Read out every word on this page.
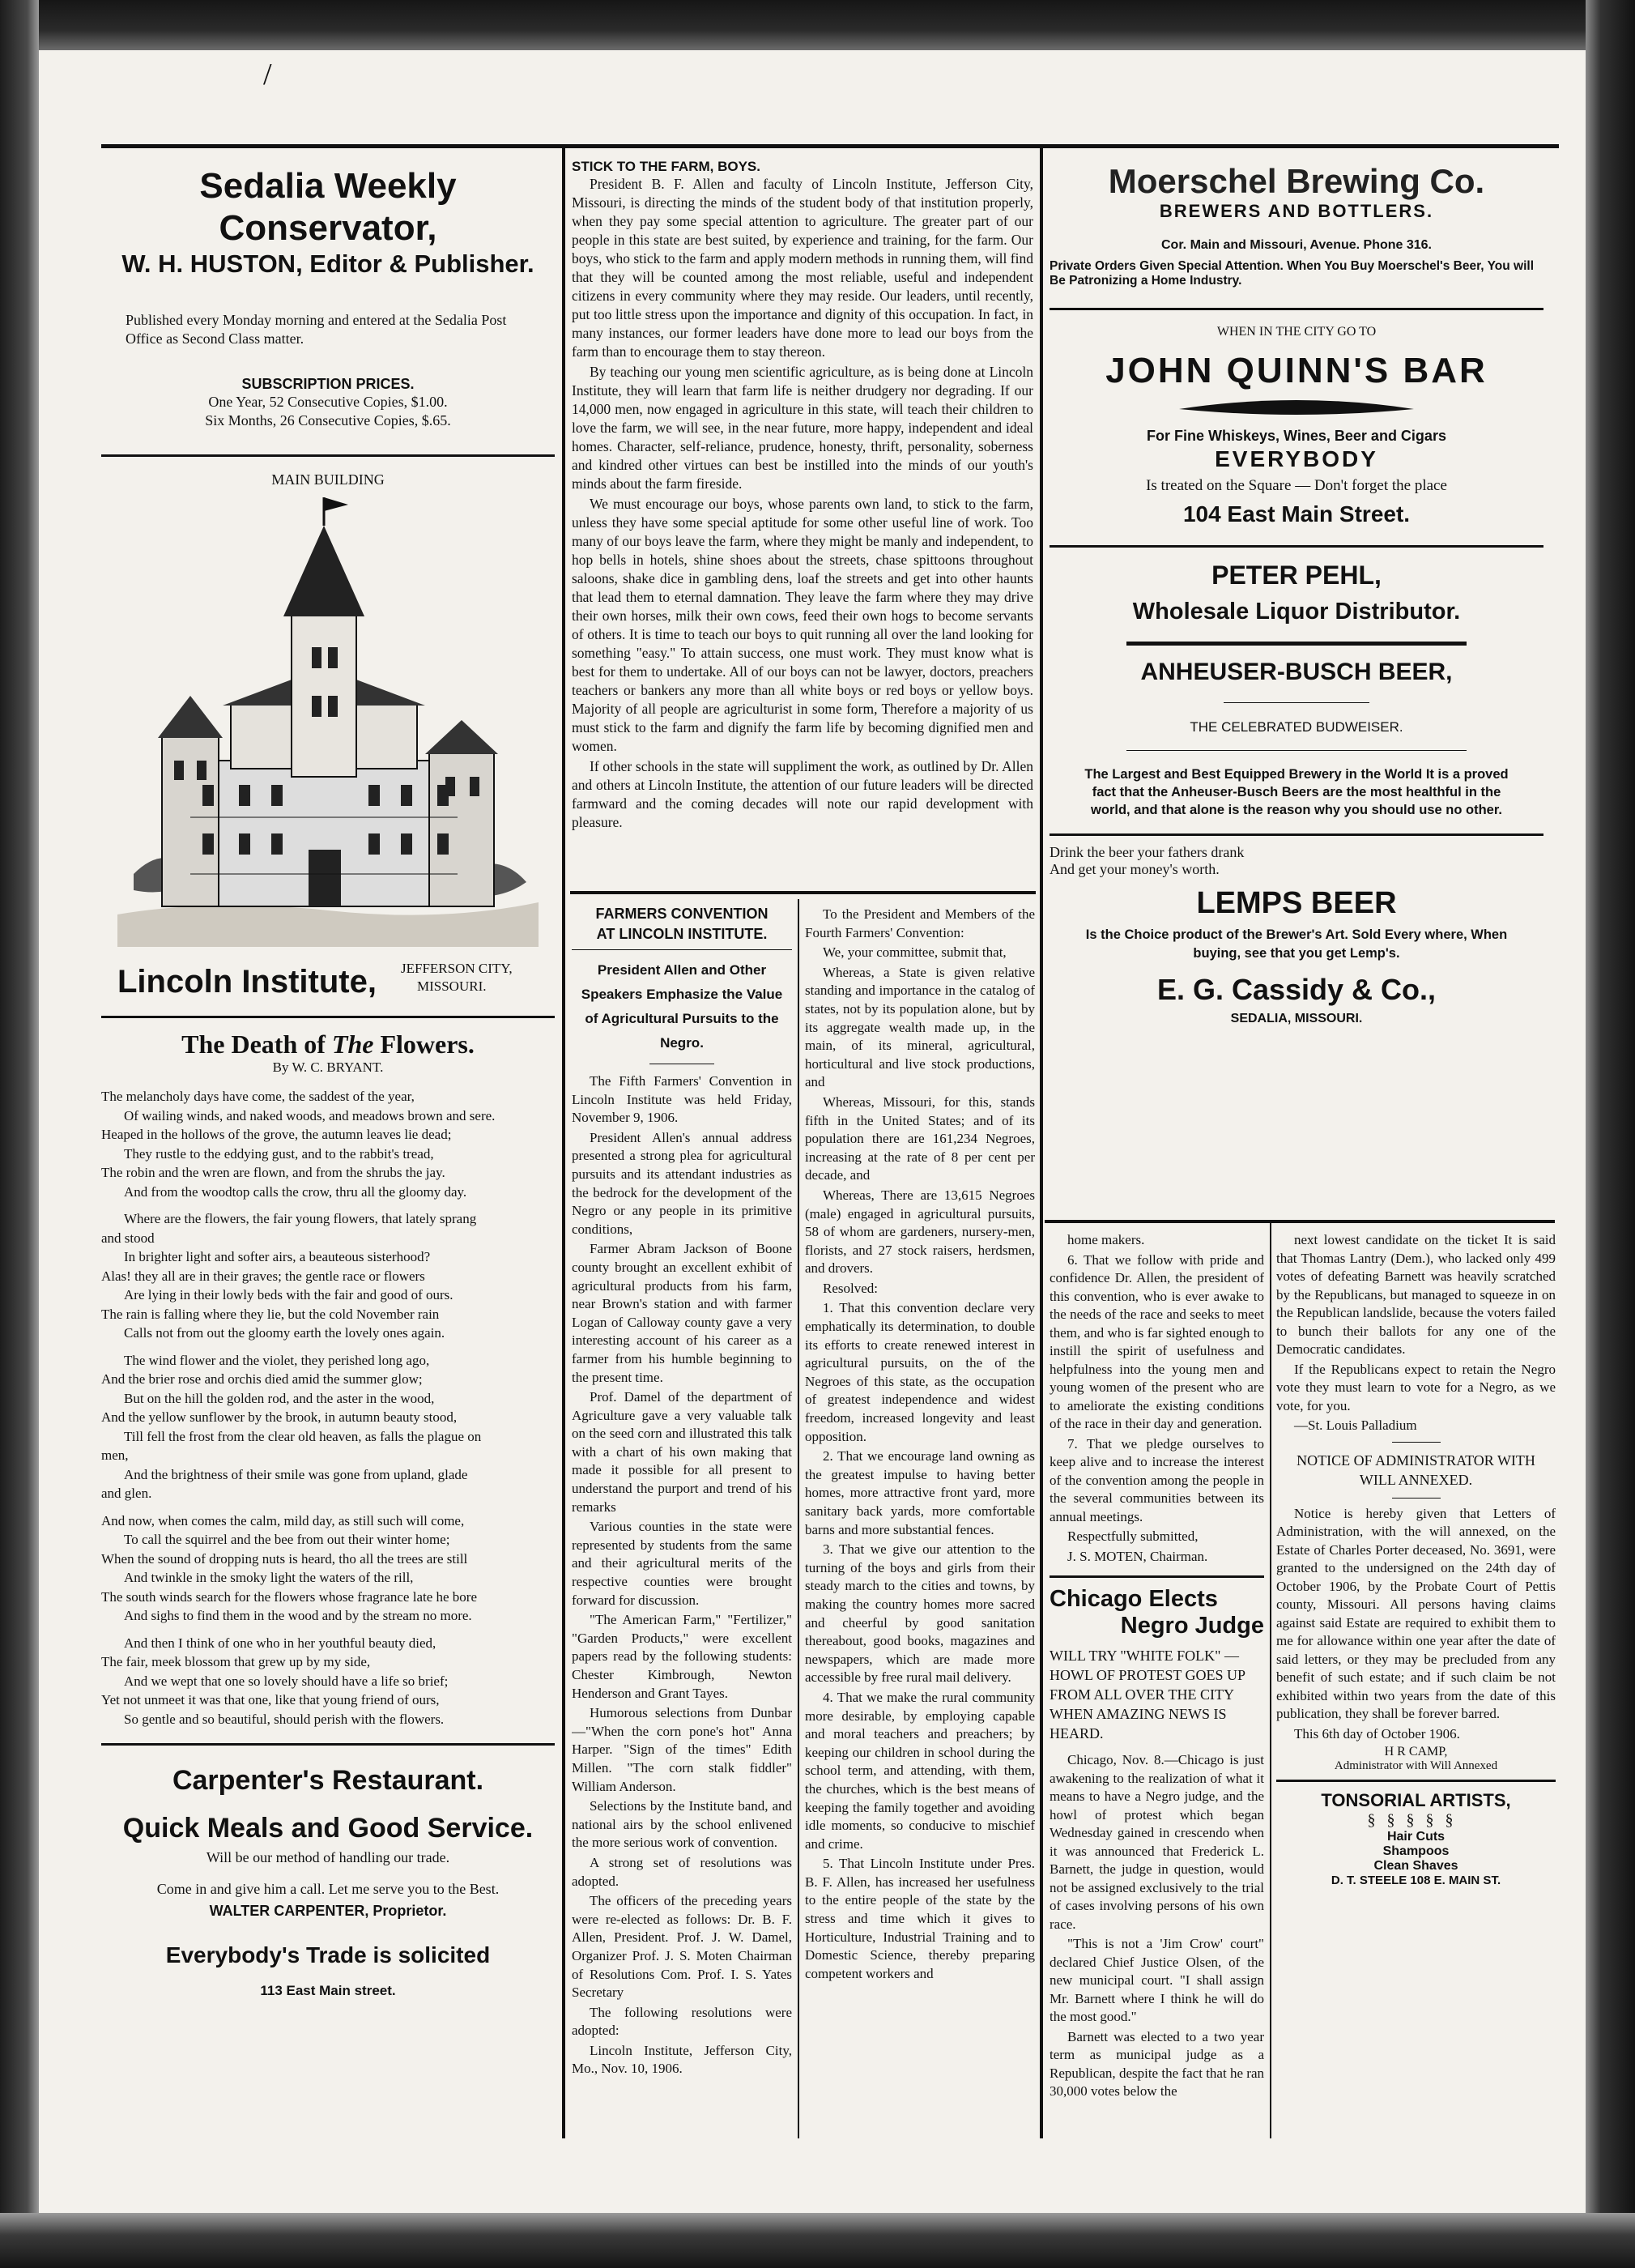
/
Sedalia Weekly Conservator,
W. H. HUSTON, Editor & Publisher.
Published every Monday morning and entered at the Sedalia Post Office as Second Class matter.
SUBSCRIPTION PRICES.
One Year, 52 Consecutive Copies, $1.00.
Six Months, 26 Consecutive Copies, $.65.
MAIN BUILDING
Lincoln Institute, JEFFERSON CITY,
MISSOURI.
The Death of The Flowers.
By W. C. BRYANT.
The melancholy days have come, the saddest of the year,
Of wailing winds, and naked woods, and meadows brown and sere.
Heaped in the hollows of the grove, the autumn leaves lie dead;
They rustle to the eddying gust, and to the rabbit's tread,
The robin and the wren are flown, and from the shrubs the jay.
And from the woodtop calls the crow, thru all the gloomy day.
Where are the flowers, the fair young flowers, that lately sprang
and stood
In brighter light and softer airs, a beauteous sisterhood?
Alas! they all are in their graves; the gentle race or flowers
Are lying in their lowly beds with the fair and good of ours.
The rain is falling where they lie, but the cold November rain
Calls not from out the gloomy earth the lovely ones again.
The wind flower and the violet, they perished long ago,
And the brier rose and orchis died amid the summer glow;
But on the hill the golden rod, and the aster in the wood,
And the yellow sunflower by the brook, in autumn beauty stood,
Till fell the frost from the clear old heaven, as falls the plague on
men,
And the brightness of their smile was gone from upland, glade
and glen.
And now, when comes the calm, mild day, as still such will come,
To call the squirrel and the bee from out their winter home;
When the sound of dropping nuts is heard, tho all the trees are still
And twinkle in the smoky light the waters of the rill,
The south winds search for the flowers whose fragrance late he bore
And sighs to find them in the wood and by the stream no more.
And then I think of one who in her youthful beauty died,
The fair, meek blossom that grew up by my side,
And we wept that one so lovely should have a life so brief;
Yet not unmeet it was that one, like that young friend of ours,
So gentle and so beautiful, should perish with the flowers.
Carpenter's Restaurant.
Quick Meals and Good Service.
Will be our method of handling our trade.
Come in and give him a call. Let me serve you to the Best.
WALTER CARPENTER, Proprietor.
Everybody's Trade is solicited
113 East Main street.
STICK TO THE FARM, BOYS.

President B. F. Allen and faculty of Lincoln Institute, Jefferson City, Missouri, is directing the minds of the student body of that institution properly, when they pay some special attention to agriculture. The greater part of our people in this state are best suited, by experience and training, for the farm. Our boys, who stick to the farm and apply modern methods in running them, will find that they will be counted among the most reliable, useful and independent citizens in every community where they may reside. Our leaders, until recently, put too little stress upon the importance and dignity of this occupation. In fact, in many instances, our former leaders have done more to lead our boys from the farm than to encourage them to stay thereon.

By teaching our young men scientific agriculture, as is being done at Lincoln Institute, they will learn that farm life is neither drudgery nor degrading. If our 14,000 men, now engaged in agriculture in this state, will teach their children to love the farm, we will see, in the near future, more happy, independent and ideal homes. Character, self-reliance, prudence, honesty, thrift, personality, soberness and kindred other virtues can best be instilled into the minds of our youth's minds about the farm fireside.

We must encourage our boys, whose parents own land, to stick to the farm, unless they have some special aptitude for some other useful line of work. Too many of our boys leave the farm, where they might be manly and independent, to hop bells in hotels, shine shoes about the streets, chase spittoons throughout saloons, shake dice in gambling dens, loaf the streets and get into other haunts that lead them to eternal damnation. They leave the farm where they may drive their own horses, milk their own cows, feed their own hogs to become servants of others. It is time to teach our boys to quit running all over the land looking for something "easy." To attain success, one must work. They must know what is best for them to undertake. All of our boys can not be lawyer, doctors, preachers teachers or bankers any more than all white boys or red boys or yellow boys. Majority of all people are agriculturist in some form, Therefore a majority of us must stick to the farm and dignify the farm life by becoming dignified men and women.

If other schools in the state will suppliment the work, as outlined by Dr. Allen and others at Lincoln Institute, the attention of our future leaders will be directed farmward and the coming decades will note our rapid development with pleasure.

FARMERS CONVENTION
AT LINCOLN INSTITUTE.
President Allen and Other Speakers Emphasize the Value of Agricultural Pursuits to the Negro.

The Fifth Farmers' Convention in Lincoln Institute was held Friday, November 9, 1906.

President Allen's annual address presented a strong plea for agricultural pursuits and its attendant industries as the bedrock for the development of the Negro or any people in its primitive conditions,

Farmer Abram Jackson of Boone county brought an excellent exhibit of agricultural products from his farm, near Brown's station and with farmer Logan of Calloway county gave a very interesting account of his career as a farmer from his humble beginning to the present time.

Prof. Damel of the department of Agriculture gave a very valuable talk on the seed corn and illustrated this talk with a chart of his own making that made it possible for all present to understand the purport and trend of his remarks

Various counties in the state were represented by students from the same and their agricultural merits of the respective counties were brought forward for discussion.

"The American Farm," "Fertilizer," "Garden Products," were excellent papers read by the following students: Chester Kimbrough, Newton Henderson and Grant Tayes.

Humorous selections from Dunbar—"When the corn pone's hot" Anna Harper. "Sign of the times" Edith Millen. "The corn stalk fiddler" William Anderson.

Selections by the Institute band, and national airs by the school enlivened the more serious work of convention.

A strong set of resolutions was adopted.

The officers of the preceding years were re-elected as follows: Dr. B. F. Allen, President. Prof. J. W. Damel, Organizer Prof. J. S. Moten Chairman of Resolutions Com. Prof. I. S. Yates Secretary

The following resolutions were adopted:

Lincoln Institute, Jefferson City, Mo., Nov. 10, 1906.

To the President and Members of the Fourth Farmers' Convention:

We, your committee, submit that,

Whereas, a State is given relative standing and importance in the catalog of states, not by its population alone, but by its aggregate wealth made up, in the main, of its mineral, agricultural, horticultural and live stock productions, and

Whereas, Missouri, for this, stands fifth in the United States; and of its population there are 161,234 Negroes, increasing at the rate of 8 per cent per decade, and

Whereas, There are 13,615 Negroes (male) engaged in agricultural pursuits, 58 of whom are gardeners, nursery-men, florists, and 27 stock raisers, herdsmen, and drovers.

Resolved:

1. That this convention declare very emphatically its determination, to double its efforts to create renewed interest in agricultural pursuits, on the of the Negroes of this state, as the occupation of greatest independence and widest freedom, increased longevity and least opposition.

2. That we encourage land owning as the greatest impulse to having better homes, more attractive front yard, more sanitary back yards, more comfortable barns and more substantial fences.

3. That we give our attention to the turning of the boys and girls from their steady march to the cities and towns, by making the country homes more sacred and cheerful by good sanitation thereabout, good books, magazines and newspapers, which are made more accessible by free rural mail delivery.

4. That we make the rural community more desirable, by employing capable and moral teachers and preachers; by keeping our children in school during the school term, and attending, with them, the churches, which is the best means of keeping the family together and avoiding idle moments, so conducive to mischief and crime.

5. That Lincoln Institute under Pres. B. F. Allen, has increased her usefulness to the entire people of the state by the stress and time which it gives to Horticulture, Industrial Training and to Domestic Science, thereby preparing competent workers and

Moerschel Brewing Co.
BREWERS AND BOTTLERS.
Cor. Main and Missouri, Avenue. Phone 316.
Private Orders Given Special Attention. When You Buy Moerschel's Beer, You will Be Patronizing a Home Industry.
WHEN IN THE CITY GO TO
JOHN QUINN'S BAR
For Fine Whiskeys, Wines, Beer and Cigars
EVERYBODY
Is treated on the Square — Don't forget the place
104 East Main Street.
PETER PEHL,
Wholesale Liquor Distributor.
ANHEUSER-BUSCH BEER,
THE CELEBRATED BUDWEISER.
The Largest and Best Equipped Brewery in the World It is a proved fact that the Anheuser-Busch Beers are the most healthful in the world, and that alone is the reason why you should use no other.
Drink the beer your fathers drank
And get your money's worth.
LEMPS BEER
Is the Choice product of the Brewer's Art. Sold Every where, When buying, see that you get Lemp's.
E. G. Cassidy & Co.,
SEDALIA, MISSOURI.

home makers.

6. That we follow with pride and confidence Dr. Allen, the president of this convention, who is ever awake to the needs of the race and seeks to meet them, and who is far sighted enough to instill the spirit of usefulness and helpfulness into the young men and young women of the present who are to ameliorate the existing conditions of the race in their day and generation.

7. That we pledge ourselves to keep alive and to increase the interest of the convention among the people in the several communities between its annual meetings.

Respectfully submitted,

J. S. MOTEN, Chairman.

Chicago Elects
Negro Judge
WILL TRY "WHITE FOLK" —HOWL OF PROTEST GOES UP FROM ALL OVER THE CITY WHEN AMAZING NEWS IS HEARD.

Chicago, Nov. 8.—Chicago is just awakening to the realization of what it means to have a Negro judge, and the howl of protest which began Wednesday gained in crescendo when it was announced that Frederick L. Barnett, the judge in question, would not be assigned exclusively to the trial of cases involving persons of his own race.

"This is not a 'Jim Crow' court" declared Chief Justice Olsen, of the new municipal court. "I shall assign Mr. Barnett where I think he will do the most good."

Barnett was elected to a two year term as municipal judge as a Republican, despite the fact that he ran 30,000 votes below the

next lowest candidate on the ticket It is said that Thomas Lantry (Dem.), who lacked only 499 votes of defeating Barnett was heavily scratched by the Republicans, but managed to squeeze in on the Republican landslide, because the voters failed to bunch their ballots for any one of the Democratic candidates.

If the Republicans expect to retain the Negro vote they must learn to vote for a Negro, as we vote, for you.

—St. Louis Palladium

NOTICE OF ADMINISTRATOR WITH WILL ANNEXED.

Notice is hereby given that Letters of Administration, with the will annexed, on the Estate of Charles Porter deceased, No. 3691, were granted to the undersigned on the 24th day of October 1906, by the Probate Court of Pettis county, Missouri. All persons having claims against said Estate are required to exhibit them to me for allowance within one year after the date of said letters, or they may be precluded from any benefit of such estate; and if such claim be not exhibited within two years from the date of this publication, they shall be forever barred.

This 6th day of October 1906.

H R CAMP,
Administrator with Will Annexed
TONSORIAL ARTISTS,
§§§§§
Hair Cuts
Shampoos
Clean Shaves
D. T. STEELE 108 E. MAIN ST.
